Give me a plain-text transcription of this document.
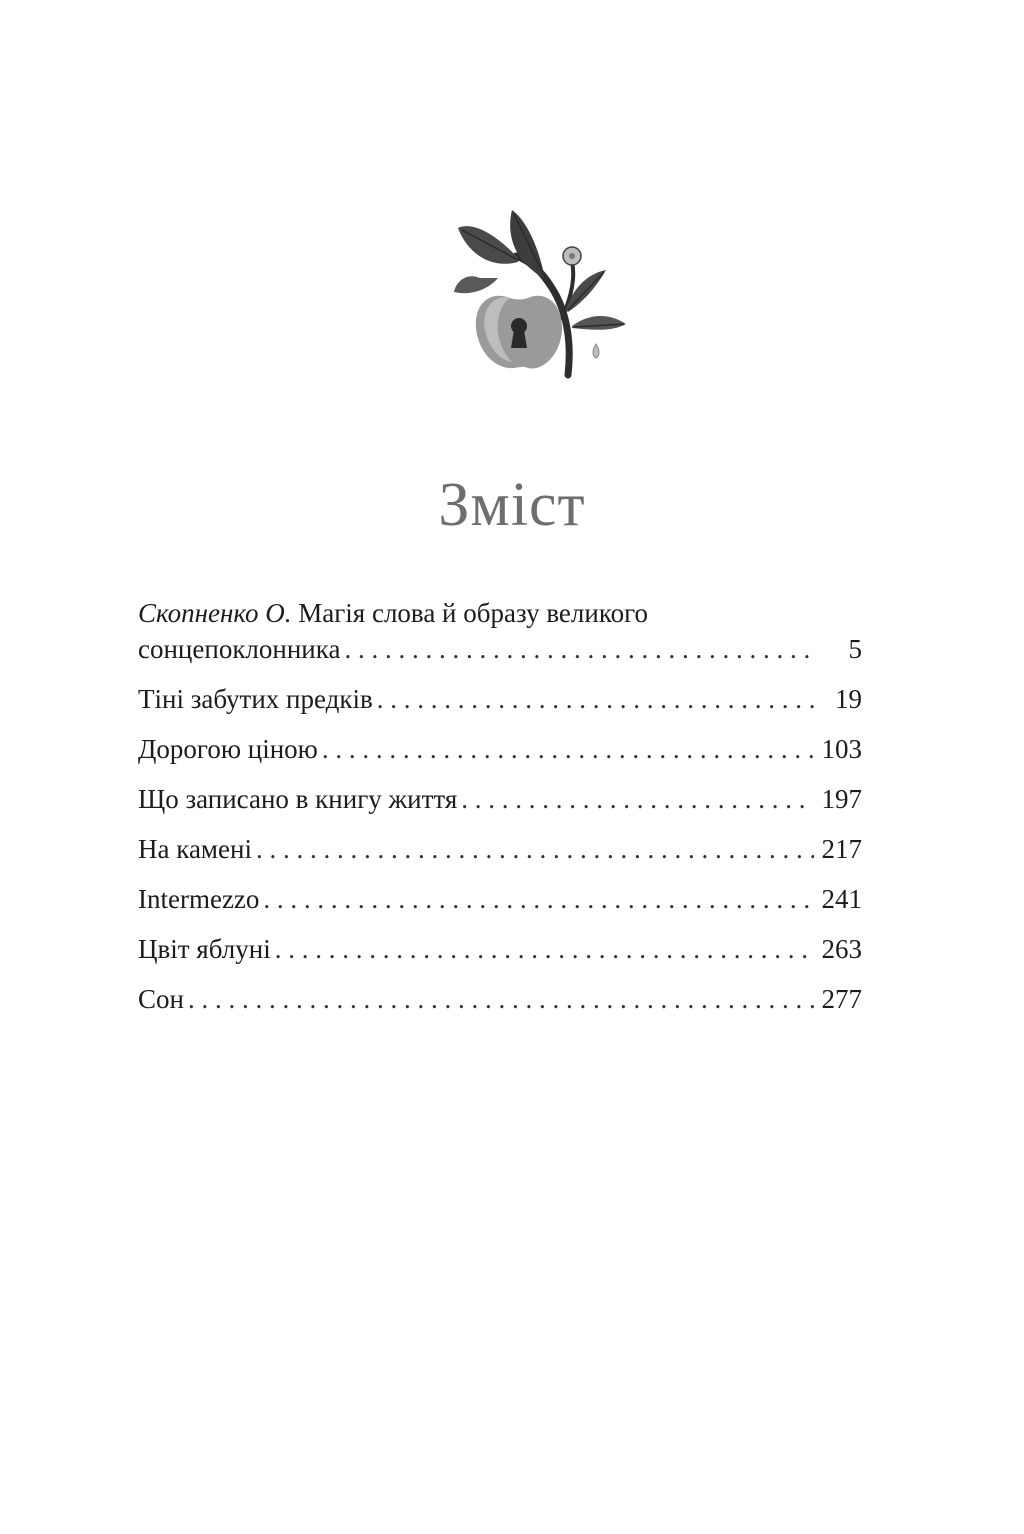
Зміст
Скопненко О. Магія слова й образу великого
сонцепоклонника . . .	5
Тіні забутих предків . . .	19
Дорогою ціною . . .	103
Що записано в книгу життя . . .	197
На камені . . .	217
Intermezzo . . .	241
Цвіт яблуні . . .	263
Сон . . .	277
